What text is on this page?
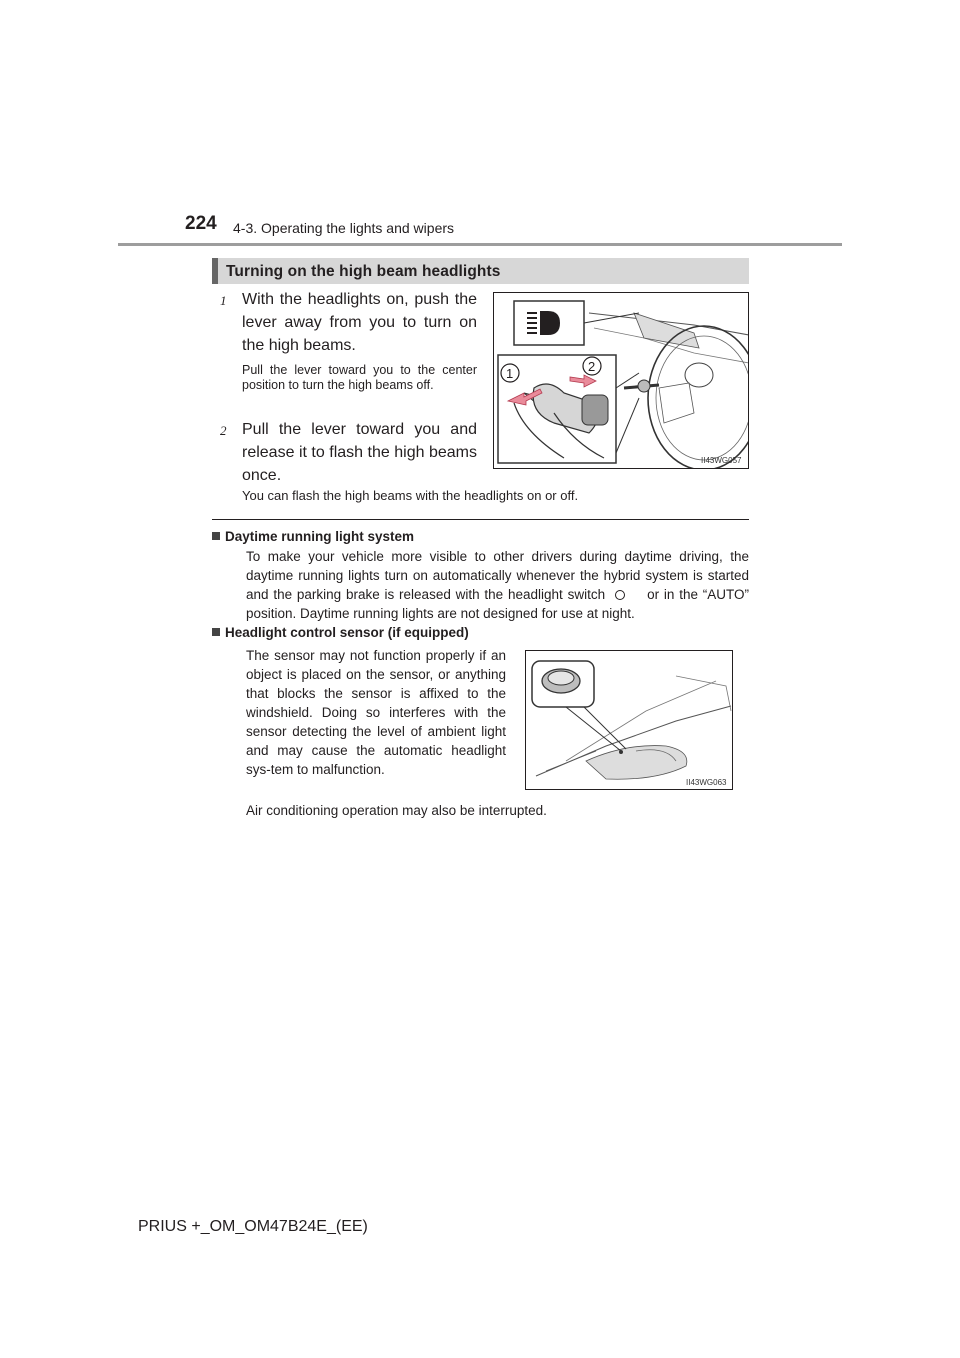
224 4-3. Operating the lights and wipers
Turning on the high beam headlights
1 With the headlights on, push the lever away from you to turn on the high beams.
Pull the lever toward you to the center position to turn the high beams off.
2 Pull the lever toward you and release it to flash the high beams once.
You can flash the high beams with the headlights on or off.
1	2
II43WG057
Daytime running light system
To make your vehicle more visible to other drivers during daytime driving, the daytime running lights turn on automatically whenever the hybrid system is started and the parking brake is released with the headlight switch	or in the “AUTO” position. Daytime running lights are not designed for use at night.
Headlight control sensor (if equipped)
The sensor may not function properly if an object is placed on the sensor, or anything that blocks the sensor is affixed to the windshield. Doing so interferes with the sensor detecting the level of ambient light and may cause the automatic headlight sys-tem to malfunction.
Air conditioning operation may also be interrupted.
II43WG063
PRIUS +_OM_OM47B24E_(EE)
